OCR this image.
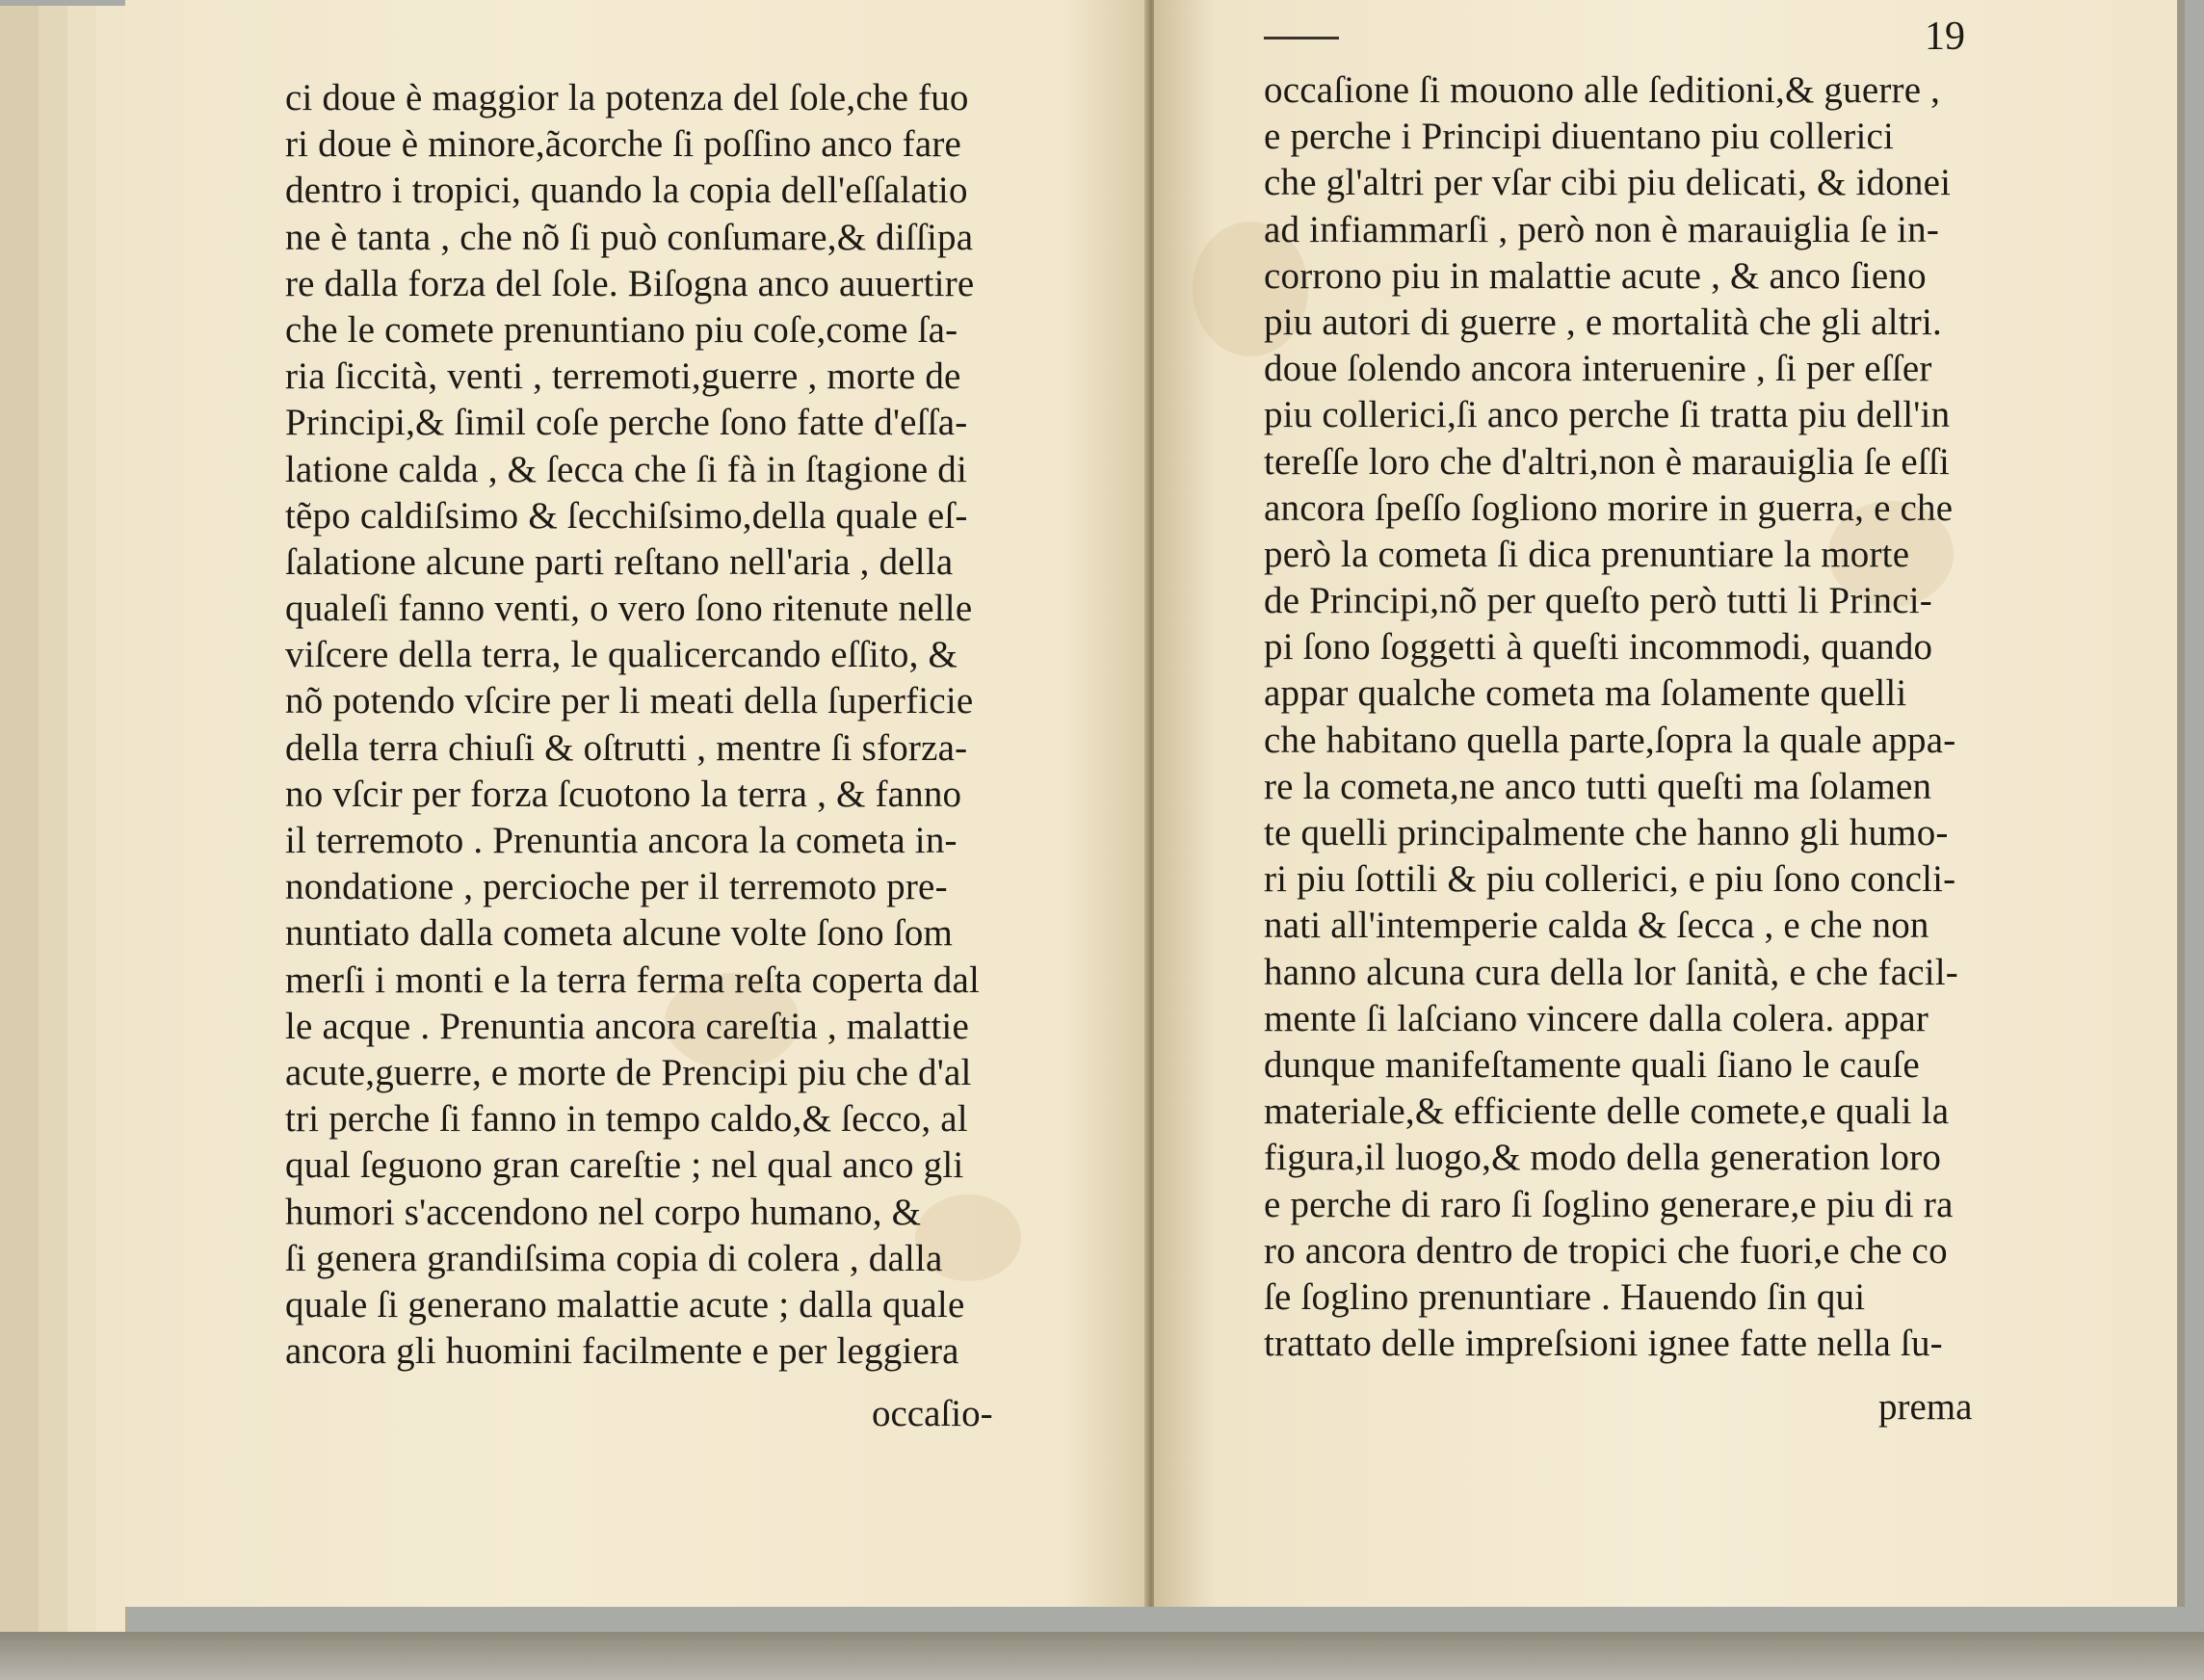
19
ci doue è maggior la potenza del ſole,che fuo
ri doue è minore,ãcorche ſi poſſino anco fare
dentro i tropici, quando la copia dell'eſſalatio
ne è tanta , che nõ ſi può conſumare,& diſſipa
re dalla forza del ſole. Biſogna anco auuertire
che le comete prenuntiano piu coſe,come ſa-
ria ſiccità, venti , terremoti,guerre , morte de
Principi,& ſimil coſe perche ſono fatte d'eſſa-
latione calda , & ſecca che ſi fà in ſtagione di
tẽpo caldiſsimo & ſecchiſsimo,della quale eſ-
ſalatione alcune parti reſtano nell'aria , della
qualeſi fanno venti, o vero ſono ritenute nelle
viſcere della terra, le qualicercando eſſito, &
nõ potendo vſcire per li meati della ſuperficie
della terra chiuſi & oſtrutti , mentre ſi sforza-
no vſcir per forza ſcuotono la terra , & fanno
il terremoto . Prenuntia ancora la cometa in-
nondatione , percioche per il terremoto pre-
nuntiato dalla cometa alcune volte ſono ſom
merſi i monti e la terra ferma reſta coperta dal
le acque . Prenuntia ancora careſtia , malattie
acute,guerre, e morte de Prencipi piu che d'al
tri perche ſi fanno in tempo caldo,& ſecco, al
qual ſeguono gran careſtie ; nel qual anco gli
humori s'accendono nel corpo humano, &
ſi genera grandiſsima copia di colera , dalla
quale ſi generano malattie acute ; dalla quale
ancora gli huomini facilmente e per leggiera
occaſio-
occaſione ſi mouono alle ſeditioni,& guerre ,
e perche i Principi diuentano piu collerici
che gl'altri per vſar cibi piu delicati, & idonei
ad infiammarſi , però non è marauiglia ſe in-
corrono piu in malattie acute , & anco ſieno
piu autori di guerre , e mortalità che gli altri.
doue ſolendo ancora interuenire , ſi per eſſer
piu collerici,ſi anco perche ſi tratta piu dell'in
tereſſe loro che d'altri,non è marauiglia ſe eſſi
ancora ſpeſſo ſogliono morire in guerra, e che
però la cometa ſi dica prenuntiare la morte
de Principi,nõ per queſto però tutti li Princi-
pi ſono ſoggetti à queſti incommodi, quando
appar qualche cometa ma ſolamente quelli
che habitano quella parte,ſopra la quale appa-
re la cometa,ne anco tutti queſti ma ſolamen
te quelli principalmente che hanno gli humo-
ri piu ſottili & piu collerici, e piu ſono concli-
nati all'intemperie calda & ſecca , e che non
hanno alcuna cura della lor ſanità, e che facil-
mente ſi laſciano vincere dalla colera. appar
dunque manifeſtamente quali ſiano le cauſe
materiale,& efficiente delle comete,e quali la
figura,il luogo,& modo della generation loro
e perche di raro ſi ſoglino generare,e piu di ra
ro ancora dentro de tropici che fuori,e che co
ſe ſoglino prenuntiare . Hauendo ſin qui
trattato delle impreſsioni ignee fatte nella ſu-
prema
